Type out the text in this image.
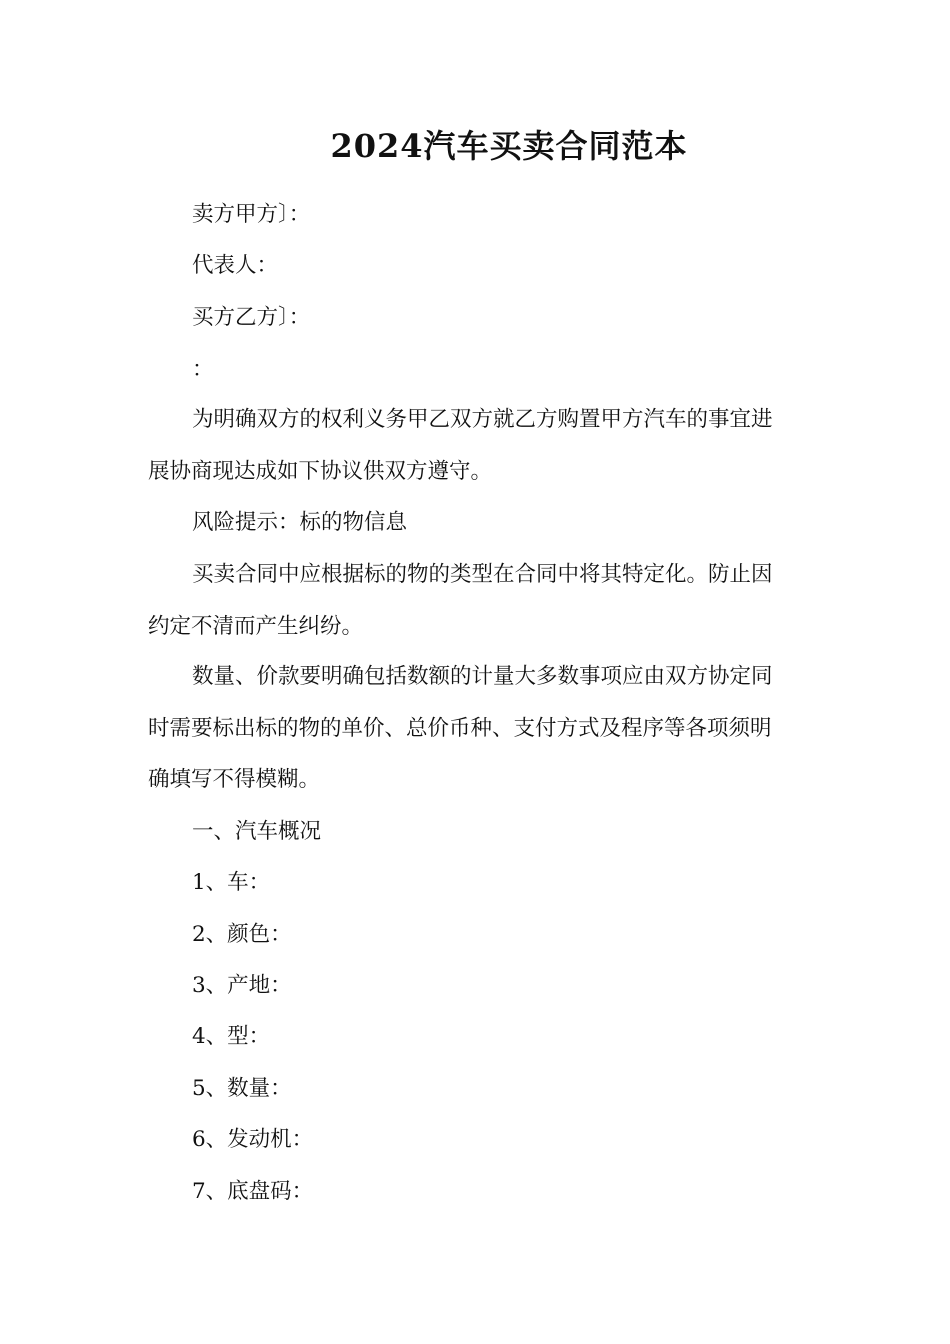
2024汽车买卖合同范本
卖方甲方〕：
代表人：
买方乙方〕：
：
为明确双方的权利义务甲乙双方就乙方购置甲方汽车的事宜进
展协商现达成如下协议供双方遵守。
风险提示：标的物信息
买卖合同中应根据标的物的类型在合同中将其特定化。防止因
约定不清而产生纠纷。
数量、价款要明确包括数额的计量大多数事项应由双方协定同
时需要标出标的物的单价、总价币种、支付方式及程序等各项须明
确填写不得模糊。
一、汽车概况
1、车：
2、颜色：
3、产地：
4、型：
5、数量：
6、发动机：
7、底盘码：
